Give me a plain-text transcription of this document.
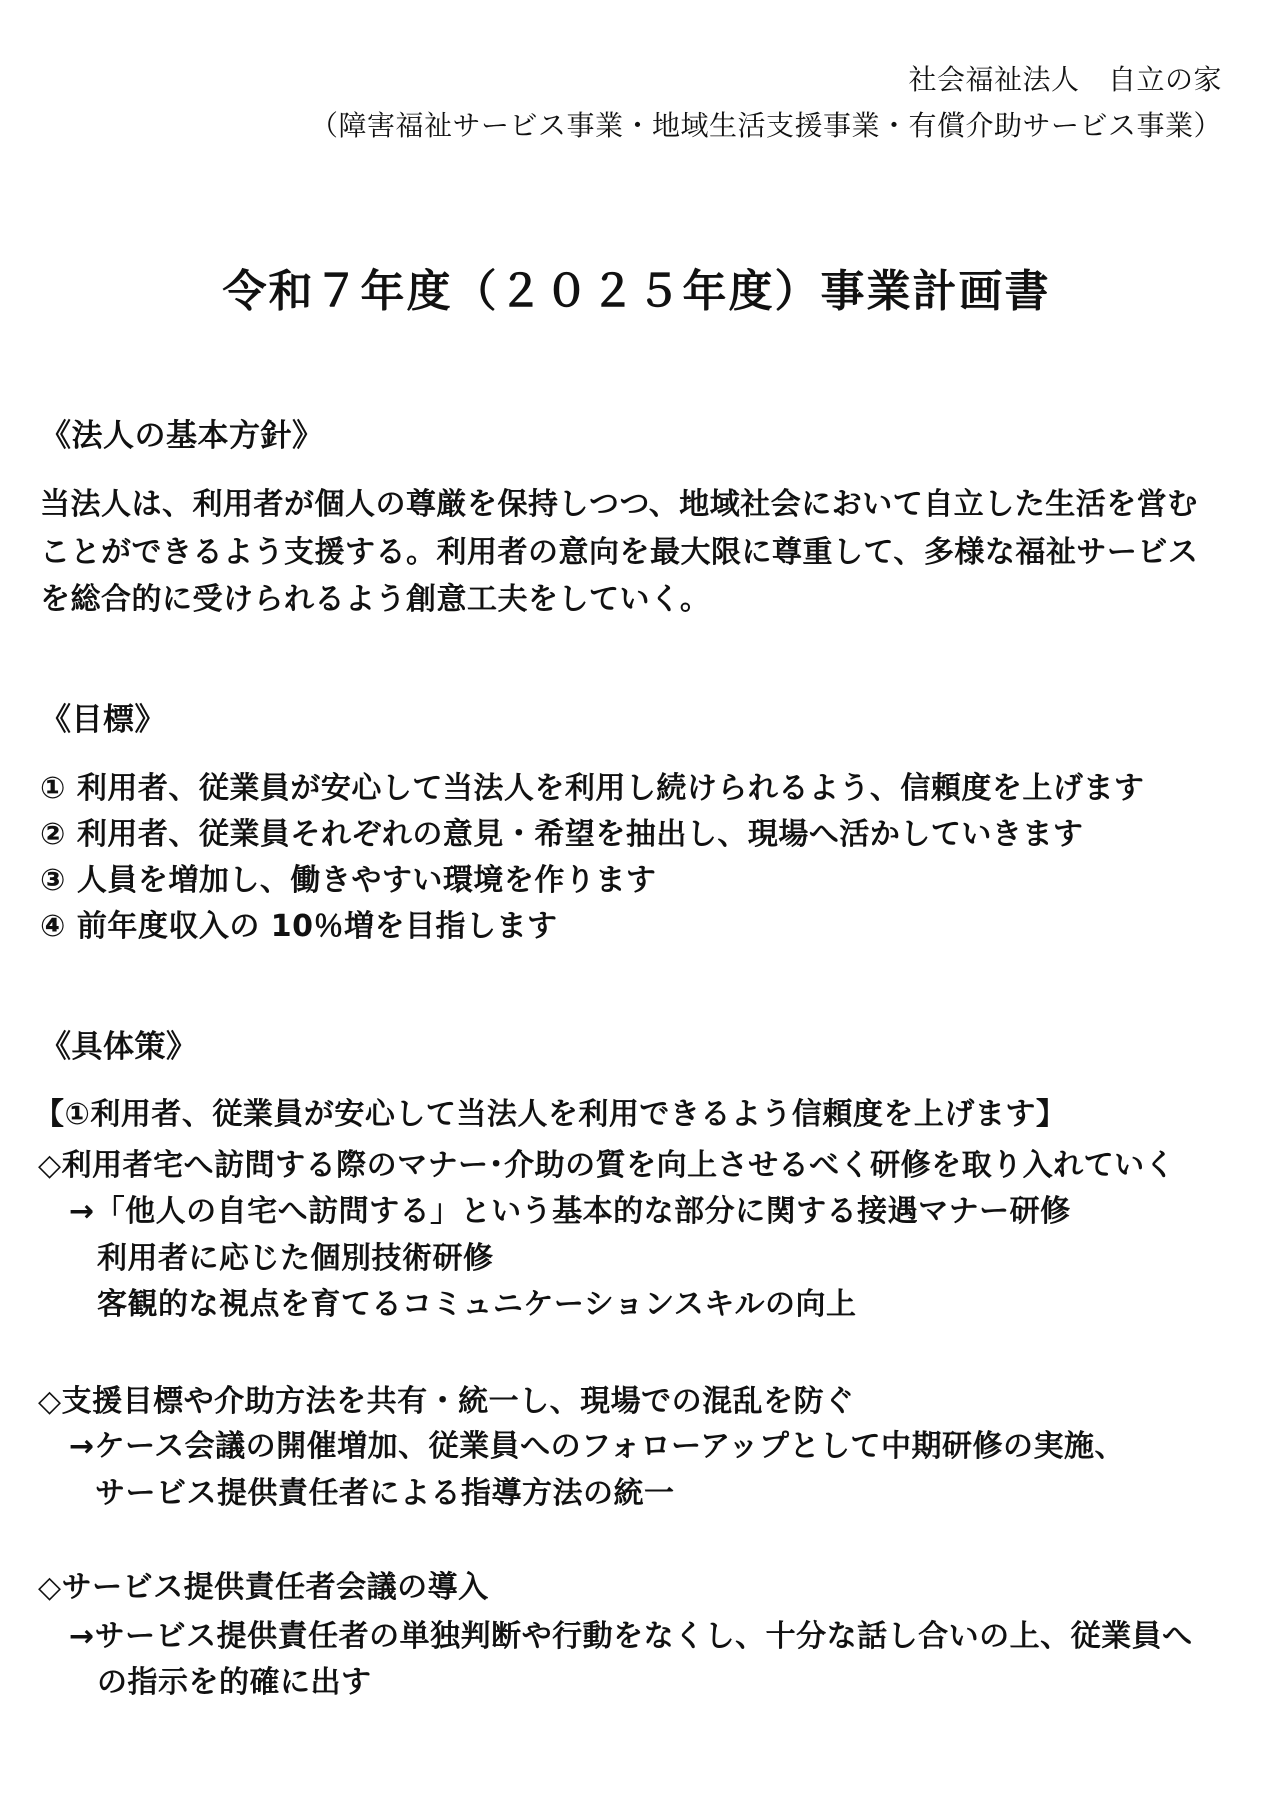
社会福祉法人　自立の家
（障害福祉サービス事業・地域生活支援事業・有償介助サービス事業）
令和７年度（２０２５年度）事業計画書
《法人の基本方針》
当法人は、利用者が個人の尊厳を保持しつつ、地域社会において自立した生活を営む
ことができるよう支援する。利用者の意向を最大限に尊重して、多様な福祉サービス
を総合的に受けられるよう創意工夫をしていく。
《目標》
① 利用者、従業員が安心して当法人を利用し続けられるよう、信頼度を上げます
② 利用者、従業員それぞれの意見・希望を抽出し、現場へ活かしていきます
③ 人員を増加し、働きやすい環境を作ります
④ 前年度収入の 10％増を目指します
《具体策》
【①利用者、従業員が安心して当法人を利用できるよう信頼度を上げます】
◇利用者宅へ訪問する際のマナー･介助の質を向上させるべく研修を取り入れていく
→「他人の自宅へ訪問する」という基本的な部分に関する接遇マナー研修
利用者に応じた個別技術研修
客観的な視点を育てるコミュニケーションスキルの向上
◇支援目標や介助方法を共有・統一し、現場での混乱を防ぐ
→ケース会議の開催増加、従業員へのフォローアップとして中期研修の実施、
サービス提供責任者による指導方法の統一
◇サービス提供責任者会議の導入
→サービス提供責任者の単独判断や行動をなくし、十分な話し合いの上、従業員へ
の指示を的確に出す
